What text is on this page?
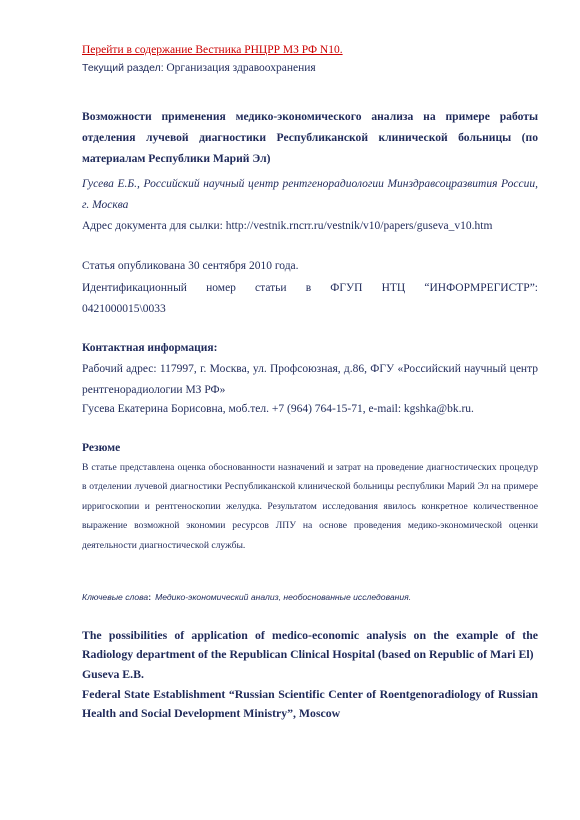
Перейти в содержание Вестника РНЦРР МЗ РФ N10.
Текущий раздел: Организация здравоохранения
Возможности применения медико-экономического анализа на примере работы отделения лучевой диагностики Республиканской клинической больницы (по материалам Республики Марий Эл)
Гусева Е.Б., Российский научный центр рентгенорадиологии Минздравсоцразвития России, г. Москва
Адрес документа для сылки: http://vestnik.rncrr.ru/vestnik/v10/papers/guseva_v10.htm
Статья опубликована 30 сентября 2010 года.
Идентификационный номер статьи в ФГУП НТЦ “ИНФОРМРЕГИСТР”:
0421000015\0033
Контактная информация:
Рабочий адрес: 117997, г. Москва, ул. Профсоюзная, д.86, ФГУ «Российский научный центр рентгенорадиологии МЗ РФ»
Гусева Екатерина Борисовна, моб.тел. +7 (964) 764-15-71, e-mail: kgshka@bk.ru.
Резюме
В статье представлена оценка обоснованности назначений и затрат на проведение диагностических процедур в отделении лучевой диагностики Республиканской клинической больницы республики Марий Эл на примере ирригоскопии и рентгеноскопии желудка. Результатом исследования явилось конкретное количественное выражение возможной экономии ресурсов ЛПУ на основе проведения медико-экономической оценки деятельности диагностической службы.
Ключевые слова: Медико-экономический анализ, необоснованные исследования.
The possibilities of application of medico-economic analysis on the example of the Radiology department of the Republican Clinical Hospital (based on Republic of Mari El)
Guseva E.B.
Federal State Establishment “Russian Scientific Center of Roentgenoradiology of Russian Health and Social Development Ministry”, Moscow
